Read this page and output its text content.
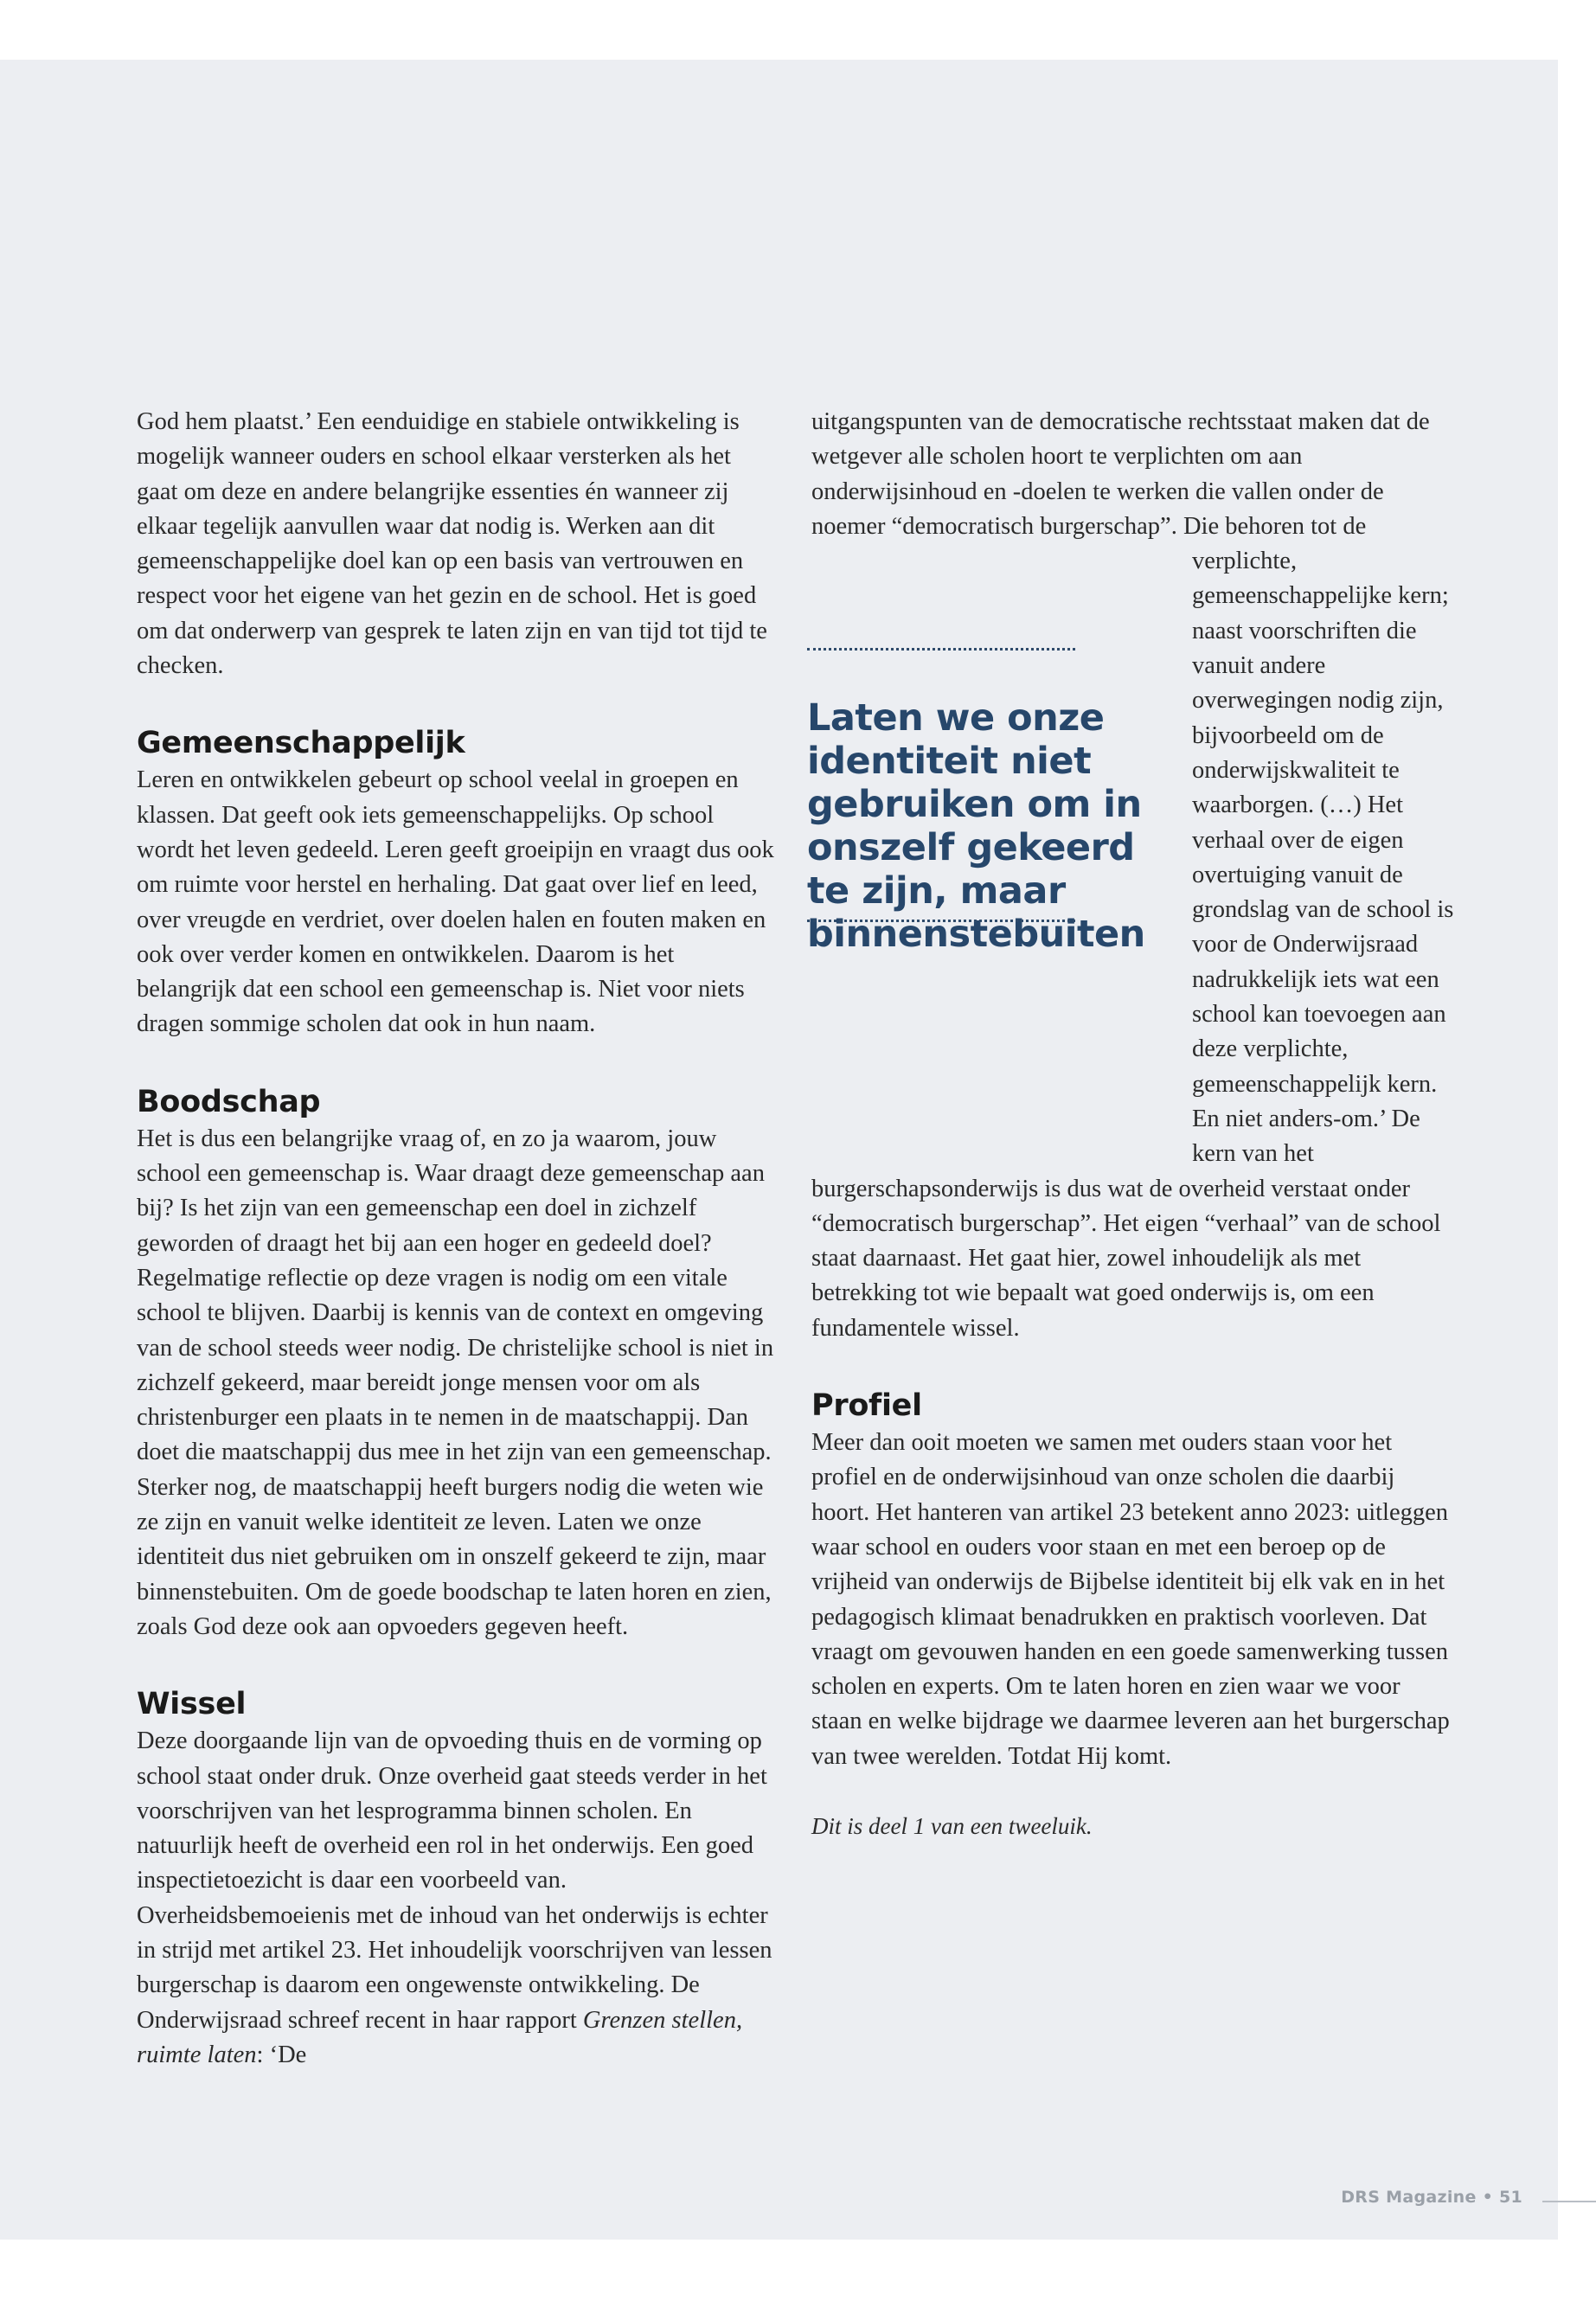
God hem plaatst.’ Een eenduidige en stabiele ontwikkeling is mogelijk wanneer ouders en school elkaar versterken als het gaat om deze en andere belangrijke essenties én wanneer zij elkaar tegelijk aanvullen waar dat nodig is. Werken aan dit gemeenschappelijke doel kan op een basis van vertrouwen en respect voor het eigene van het gezin en de school. Het is goed om dat onderwerp van gesprek te laten zijn en van tijd tot tijd te checken.

Gemeenschappelijk

Leren en ontwikkelen gebeurt op school veelal in groepen en klassen. Dat geeft ook iets gemeenschappelijks. Op school wordt het leven gedeeld. Leren geeft groeipijn en vraagt dus ook om ruimte voor herstel en herhaling. Dat gaat over lief en leed, over vreugde en verdriet, over doelen halen en fouten maken en ook over verder komen en ontwikkelen. Daarom is het belangrijk dat een school een gemeenschap is. Niet voor niets dragen sommige scholen dat ook in hun naam.

Boodschap

Het is dus een belangrijke vraag of, en zo ja waarom, jouw school een gemeenschap is. Waar draagt deze gemeenschap aan bij? Is het zijn van een gemeenschap een doel in zichzelf geworden of draagt het bij aan een hoger en gedeeld doel? Regelmatige reflectie op deze vragen is nodig om een vitale school te blijven. Daarbij is kennis van de context en omgeving van de school steeds weer nodig. De christelijke school is niet in zichzelf gekeerd, maar bereidt jonge mensen voor om als christenburger een plaats in te nemen in de maatschappij. Dan doet die maatschappij dus mee in het zijn van een gemeenschap. Sterker nog, de maatschappij heeft burgers nodig die weten wie ze zijn en vanuit welke identiteit ze leven. Laten we onze identiteit dus niet gebruiken om in onszelf gekeerd te zijn, maar binnenstebuiten. Om de goede boodschap te laten horen en zien, zoals God deze ook aan opvoeders gegeven heeft.

Wissel

Deze doorgaande lijn van de opvoeding thuis en de vorming op school staat onder druk. Onze overheid gaat steeds verder in het voorschrijven van het lesprogramma binnen scholen. En natuurlijk heeft de overheid een rol in het onderwijs. Een goed inspectietoezicht is daar een voorbeeld van. Overheidsbemoeienis met de inhoud van het onderwijs is echter in strijd met artikel 23. Het inhoudelijk voorschrijven van lessen burgerschap is daarom een ongewenste ontwikkeling. De Onderwijsraad schreef recent in haar rapport Grenzen stellen, ruimte laten: ‘De

uitgangspunten van de democratische rechtsstaat maken dat de wetgever alle scholen hoort te verplichten om aan onderwijsinhoud en -doelen te werken die vallen onder de noemer “democratisch burgerschap”. Die behoren tot de

Laten we onze identiteit niet gebruiken om in onszelf gekeerd te zijn, maar binnenstebuiten

verplichte, gemeenschappelijke kern; naast voorschriften die vanuit andere overwegingen nodig zijn, bijvoorbeeld om de onderwijskwaliteit te waarborgen. (…) Het verhaal over de eigen overtuiging vanuit de grondslag van de school is voor de Onderwijsraad nadrukkelijk iets wat een school kan toevoegen aan deze verplichte, gemeenschappelijk kern. En niet anders-om.’ De kern van het burgerschapsonderwijs is dus wat de overheid verstaat onder “democratisch burgerschap”. Het eigen “verhaal” van de school staat daarnaast. Het gaat hier, zowel inhoudelijk als met betrekking tot wie bepaalt wat goed onderwijs is, om een fundamentele wissel.

Profiel

Meer dan ooit moeten we samen met ouders staan voor het profiel en de onderwijsinhoud van onze scholen die daarbij hoort. Het hanteren van artikel 23 betekent anno 2023: uitleggen waar school en ouders voor staan en met een beroep op de vrijheid van onderwijs de Bijbelse identiteit bij elk vak en in het pedagogisch klimaat benadrukken en praktisch voorleven. Dat vraagt om gevouwen handen en een goede samenwerking tussen scholen en experts. Om te laten horen en zien waar we voor staan en welke bijdrage we daarmee leveren aan het burgerschap van twee werelden. Totdat Hij komt.

Dit is deel 1 van een tweeluik.

DRS Magazine • 51
